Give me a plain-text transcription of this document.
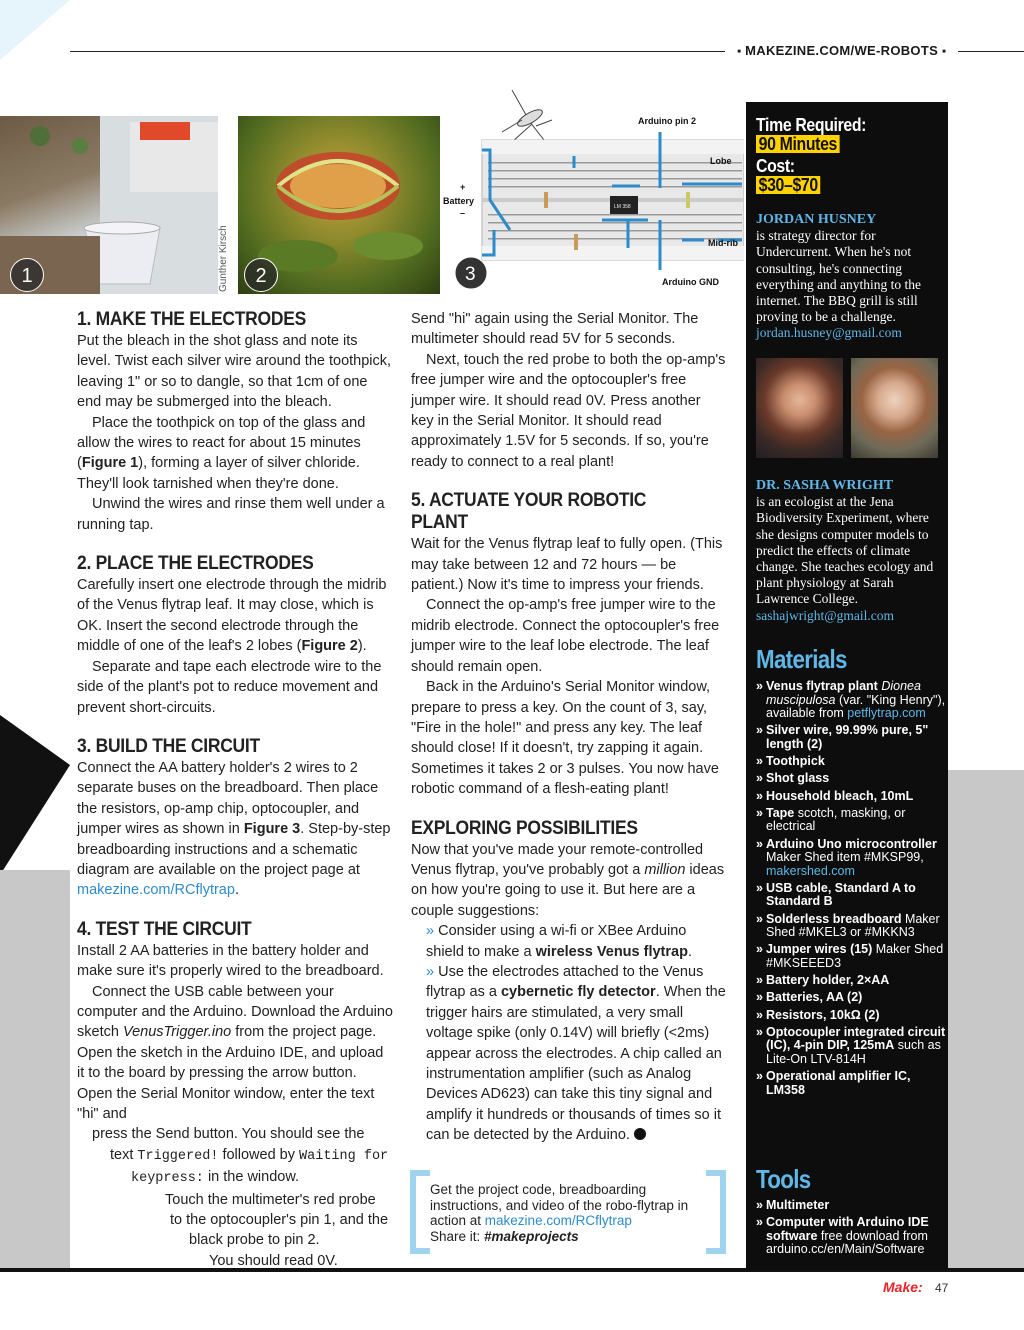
■ MAKEZINE.COM/WE-ROBOTS ■
1	Gunther Kirsch	2
Arduino pin 2
Lobe
Battery
+
–
Mid-rib
Arduino GND
LM 358
3
1. MAKE THE ELECTRODES

Put the bleach in the shot glass and note its level. Twist each silver wire around the toothpick, leaving 1" or so to dangle, so that 1cm of one end may be submerged into the bleach.

Place the toothpick on top of the glass and allow the wires to react for about 15 minutes (Figure 1), forming a layer of silver chloride. They'll look tarnished when they're done.

Unwind the wires and rinse them well under a running tap.

2. PLACE THE ELECTRODES

Carefully insert one electrode through the midrib of the Venus flytrap leaf. It may close, which is OK. Insert the second electrode through the middle of one of the leaf's 2 lobes (Figure 2).

Separate and tape each electrode wire to the side of the plant's pot to reduce movement and prevent short-circuits.

3. BUILD THE CIRCUIT

Connect the AA battery holder's 2 wires to 2 separate buses on the breadboard. Then place the resistors, op-amp chip, optocoupler, and jumper wires as shown in Figure 3. Step-by-step breadboarding instructions and a schematic diagram are available on the project page at makezine.com/RCflytrap.

4. TEST THE CIRCUIT

Install 2 AA batteries in the battery holder and make sure it's properly wired to the breadboard.

Connect the USB cable between your computer and the Arduino. Download the Arduino sketch VenusTrigger.ino from the project page. Open the sketch in the Arduino IDE, and upload it to the board by pressing the arrow button. Open the Serial Monitor window, enter the text "hi" and

press the Send button. You should see the

text Triggered! followed by Waiting for

keypress: in the window.

Touch the multimeter's red probe

to the optocoupler's pin 1, and the

black probe to pin 2.

You should read 0V.

Send "hi" again using the Serial Monitor. The multimeter should read 5V for 5 seconds.

Next, touch the red probe to both the op-amp's free jumper wire and the optocoupler's free jumper wire. It should read 0V. Press another key in the Serial Monitor. It should read approximately 1.5V for 5 seconds. If so, you're ready to connect to a real plant!

5. ACTUATE YOUR ROBOTIC PLANT

Wait for the Venus flytrap leaf to fully open. (This may take between 12 and 72 hours — be patient.) Now it's time to impress your friends.

Connect the op-amp's free jumper wire to the midrib electrode. Connect the optocoupler's free jumper wire to the leaf lobe electrode. The leaf should remain open.

Back in the Arduino's Serial Monitor window, prepare to press a key. On the count of 3, say, "Fire in the hole!" and press any key. The leaf should close! If it doesn't, try zapping it again. Sometimes it takes 2 or 3 pulses. You now have robotic command of a flesh-eating plant!

EXPLORING POSSIBILITIES

Now that you've made your remote-controlled Venus flytrap, you've probably got a million ideas on how you're going to use it. But here are a couple suggestions:

» Consider using a wi-fi or XBee Arduino shield to make a wireless Venus flytrap.

» Use the electrodes attached to the Venus flytrap as a cybernetic fly detector. When the trigger hairs are stimulated, a very small voltage spike (only 0.14V) will briefly (<2ms) appear across the electrodes. A chip called an instrumentation amplifier (such as Analog Devices AD623) can take this tiny signal and amplify it hundreds or thousands of times so it can be detected by the Arduino.

Get the project code, breadboarding instructions, and video of the robo-flytrap in action at makezine.com/RCflytrap
Share it: #makeprojects
Time Required:
90 Minutes
Cost:
$30–$70
JORDAN HUSNEY
is strategy director for Undercurrent. When he's not consulting, he's connecting everything and anything to the internet. The BBQ grill is still proving to be a challenge.
jordan.husney@gmail.com
DR. SASHA WRIGHT
is an ecologist at the Jena Biodiversity Experiment, where she designs computer models to predict the effects of climate change. She teaches ecology and plant physiology at Sarah Lawrence College.
sashajwright@gmail.com
Materials
» Venus flytrap plant Dionea muscipulosa (var. "King Henry"), available from petflytrap.com
» Silver wire, 99.99% pure, 5" length (2)
» Toothpick
» Shot glass
» Household bleach, 10mL
» Tape scotch, masking, or electrical
» Arduino Uno microcontroller Maker Shed item #MKSP99, makershed.com
» USB cable, Standard A to Standard B
» Solderless breadboard Maker Shed #MKEL3 or #MKKN3
» Jumper wires (15) Maker Shed #MKSEEED3
» Battery holder, 2×AA
» Batteries, AA (2)
» Resistors, 10kΩ (2)
» Optocoupler integrated circuit (IC), 4-pin DIP, 125mA such as Lite-On LTV-814H
» Operational amplifier IC, LM358
Tools
» Multimeter
» Computer with Arduino IDE software free download from arduino.cc/en/Main/Software
Make: 47
